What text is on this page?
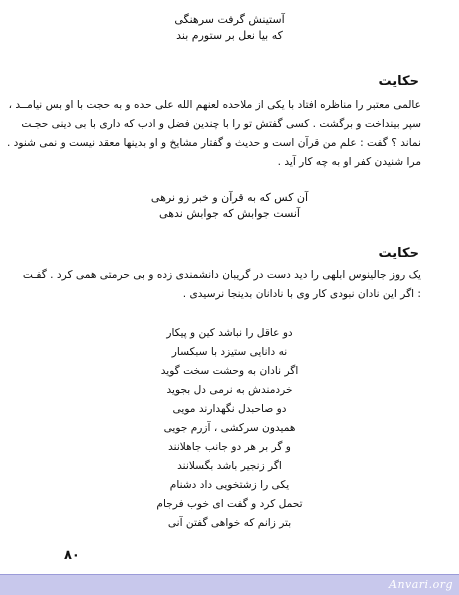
آستینش گرفت سرهنگی
که بیا نعل بر ستورم بند
حکایت
عالمی معتبر را مناظره افتاد با یکی از ملاحده لعنهم الله علی حده و به حجت با او بس نیامــد ،
سپر بینداخت و برگشت . کسی گفتش تو را با چندین فضل و ادب که داری با بی دینی حجـت
نماند ؟ گفت : علم من قرآن است و حدیث و گفتار مشایخ و او بدینها معقد نیست و نمی شنود .
مرا شنیدن کفر او به چه کار آید .
آن کس که به قرآن و خبر زو نرهی
آنست جوابش که جوابش ندهی
حکایت
یک روز جالینوس ابلهی را دید دست در گریبان دانشمندی زده و بی حرمتی همی کرد . گفـت
: اگر این نادان نبودی کار وی با نادانان بدینجا نرسیدی .
دو عاقل را نباشد کین و پیکار
نه دانایی ستیزد با سبکسار
اگر نادان به وحشت سخت گوید
خردمندش به نرمی دل بجوید
دو صاحبدل نگهدارند مویی
همیدون سرکشی ، آزرم جویی
و گر بر هر دو جانب جاهلانند
اگر زنجیر باشد بگسلانند
یکی را زشتخویی داد دشنام
تحمل کرد و گفت ای خوب فرجام
بتر زانم که خواهی گفتن آنی
۸۰
Anvari.org
